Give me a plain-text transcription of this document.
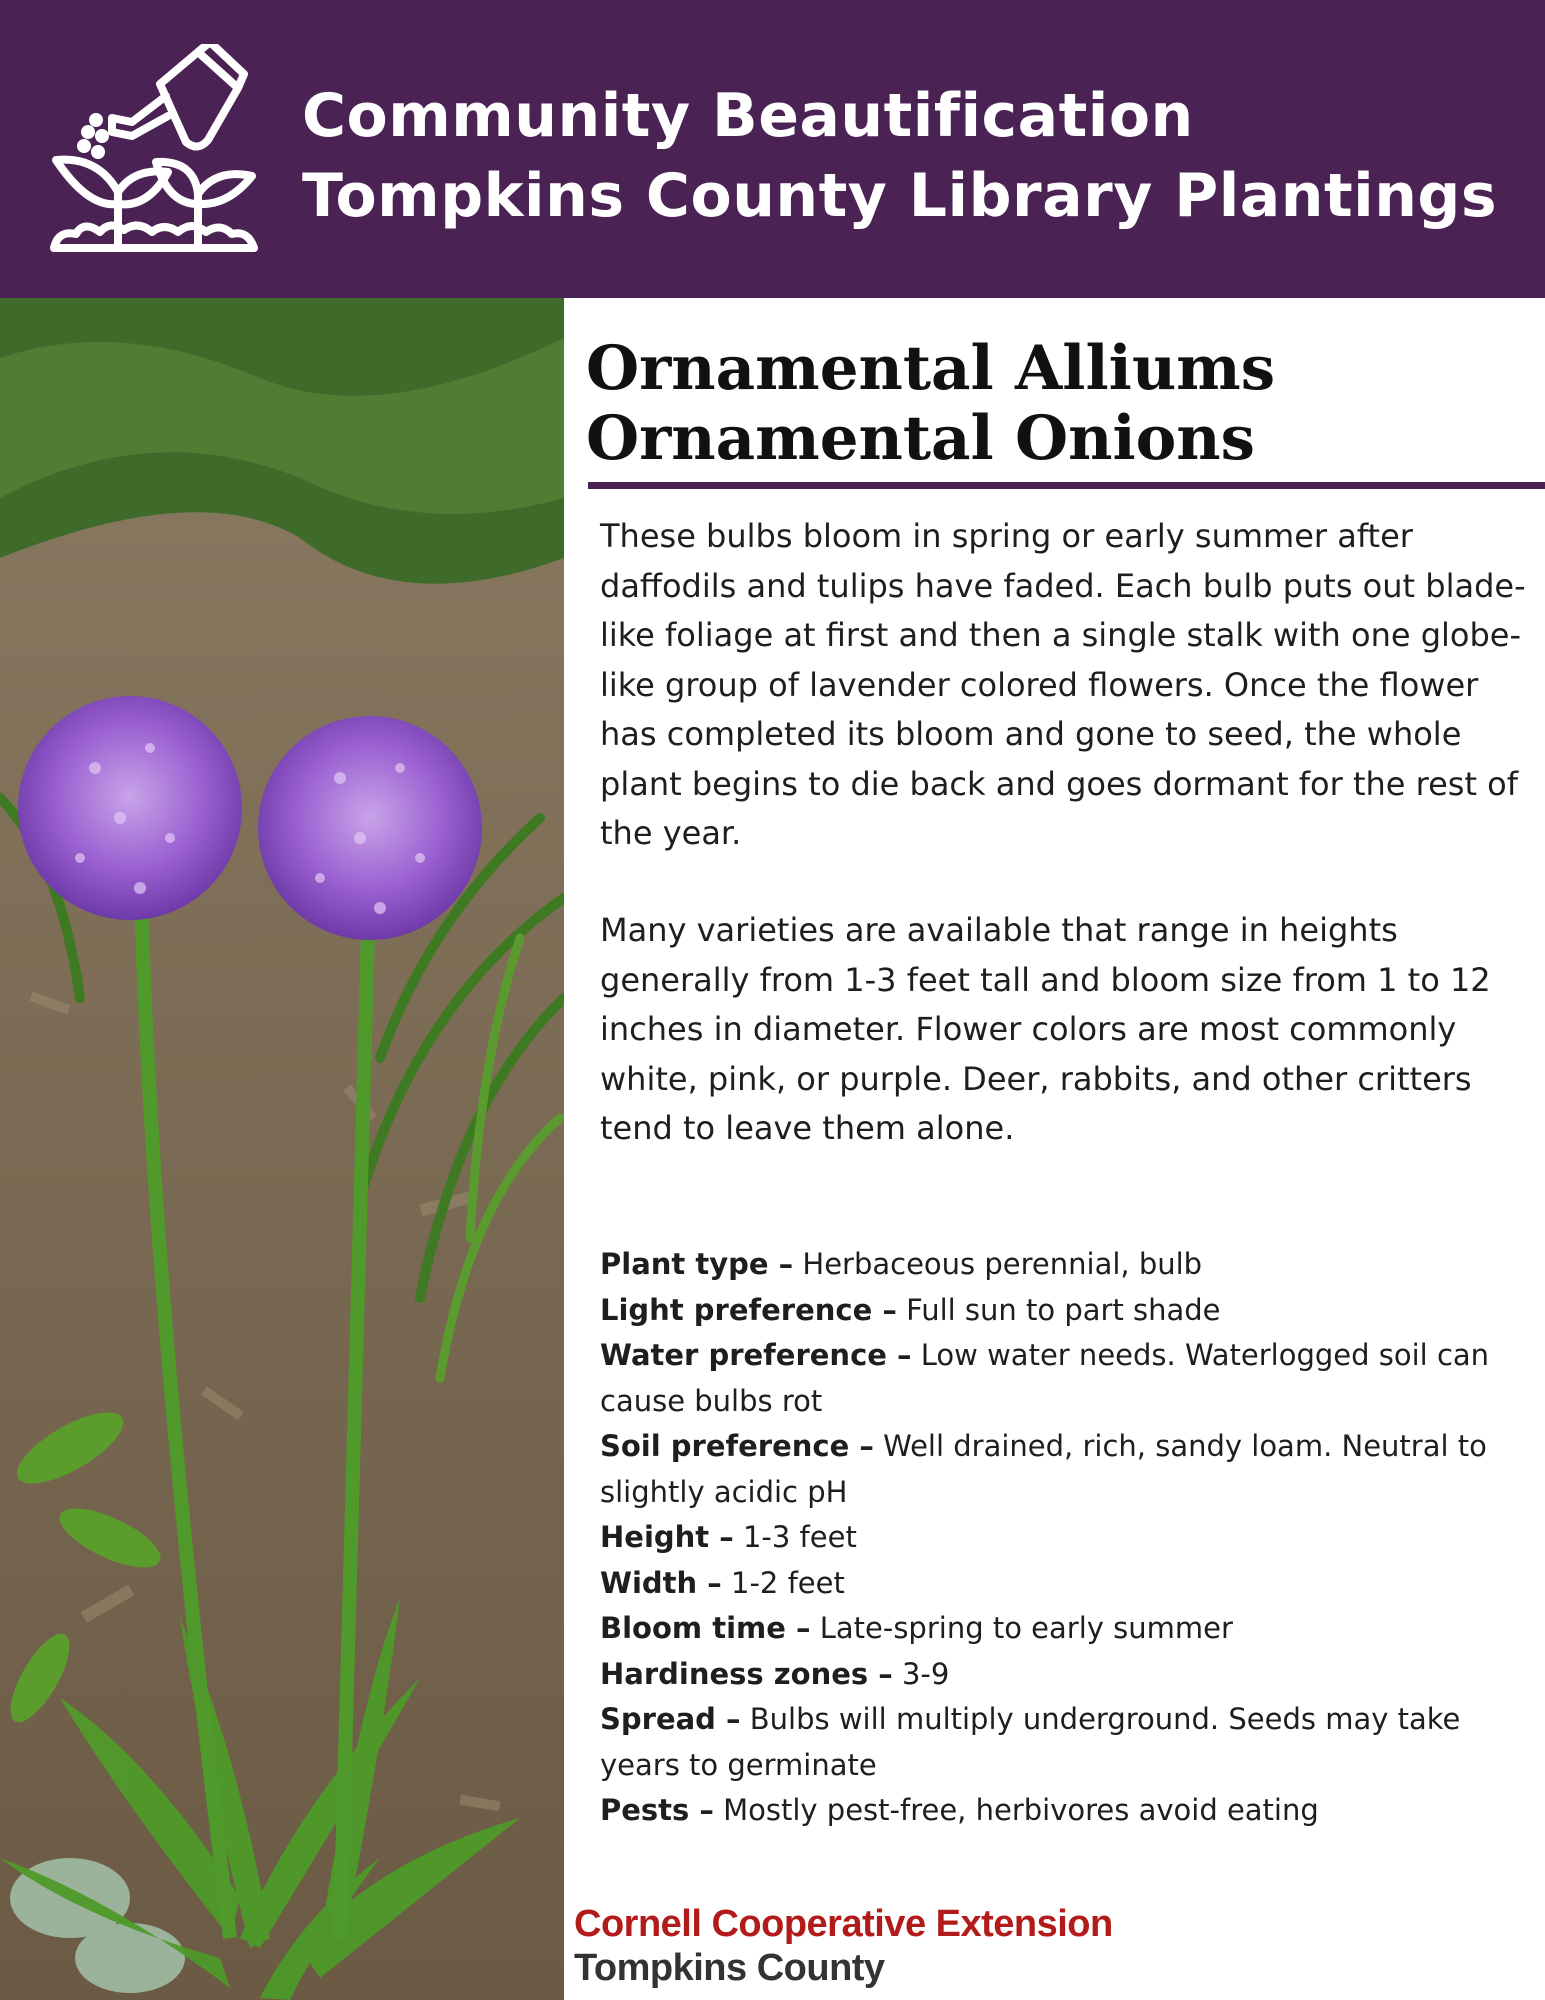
Community Beautification
Tompkins County Library Plantings
Ornamental Alliums
Ornamental Onions

These bulbs bloom in spring or early summer after daffodils and tulips have faded. Each bulb puts out blade-like foliage at first and then a single stalk with one globe-like group of lavender colored flowers. Once the flower has completed its bloom and gone to seed, the whole plant begins to die back and goes dormant for the rest of the year.

Many varieties are available that range in heights generally from 1-3 feet tall and bloom size from 1 to 12 inches in diameter. Flower colors are most commonly white, pink, or purple. Deer, rabbits, and other critters tend to leave them alone.

Plant type – Herbaceous perennial, bulb

Light preference – Full sun to part shade

Water preference – Low water needs. Waterlogged soil can cause bulbs rot

Soil preference – Well drained, rich, sandy loam. Neutral to slightly acidic pH

Height – 1-3 feet

Width – 1-2 feet

Bloom time – Late-spring to early summer

Hardiness zones – 3-9

Spread – Bulbs will multiply underground. Seeds may take years to germinate

Pests – Mostly pest-free, herbivores avoid eating

Cornell Cooperative Extension
Tompkins County
